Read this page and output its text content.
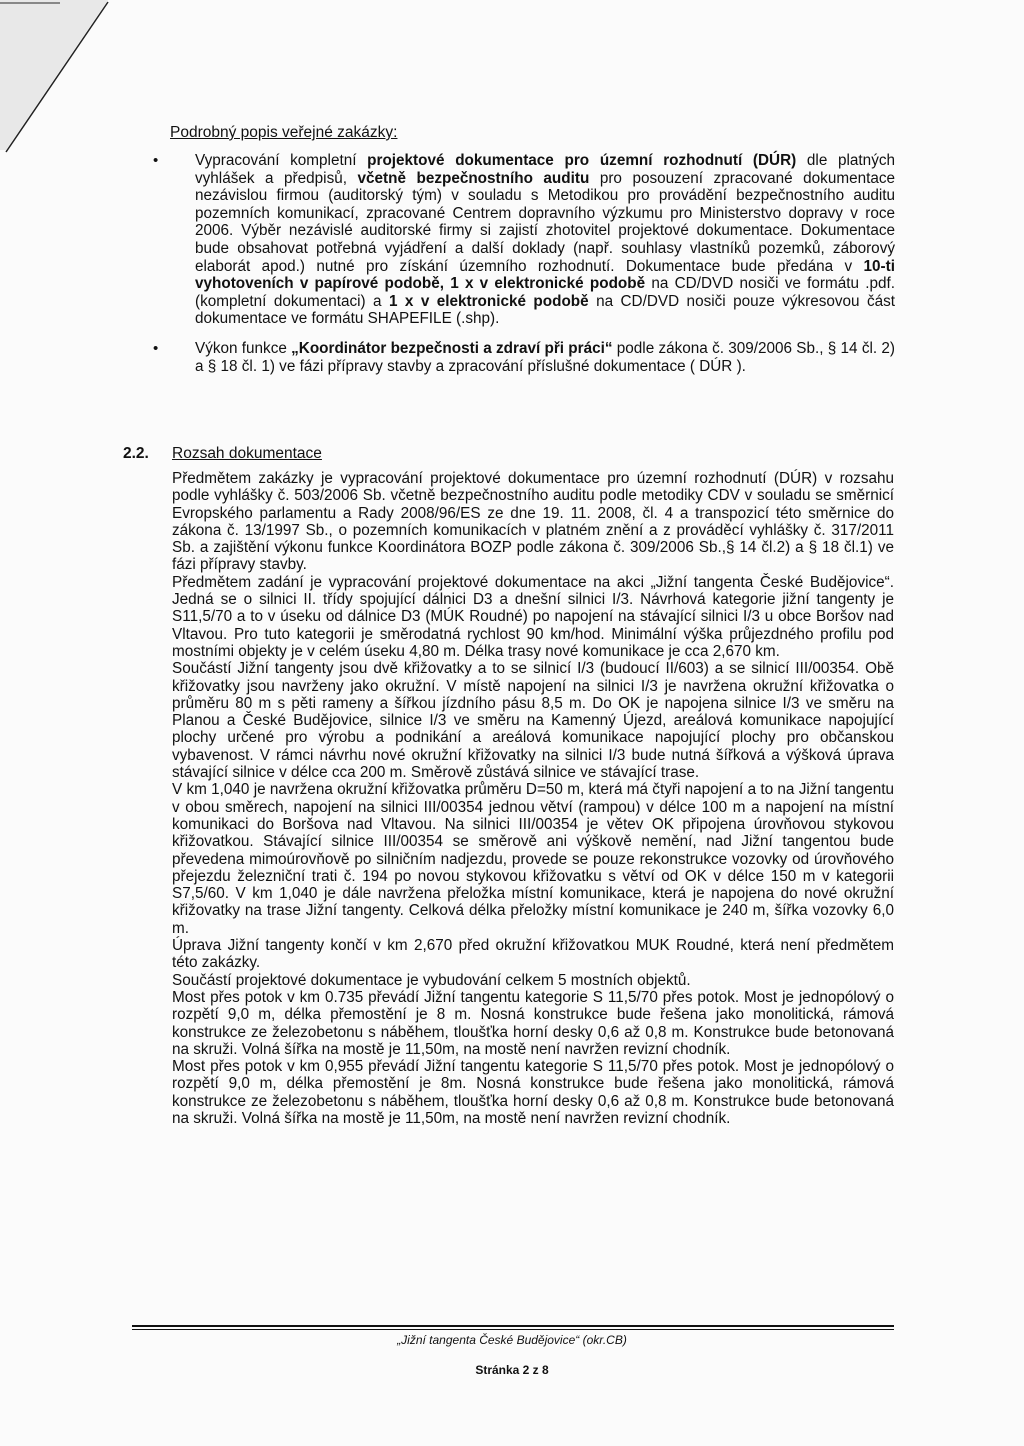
Podrobný popis veřejné zakázky:
• Vypracování kompletní projektové dokumentace pro územní rozhodnutí (DÚR) dle platných vyhlášek a předpisů, včetně bezpečnostního auditu pro posouzení zpracované dokumentace nezávislou firmou (auditorský tým) v souladu s Metodikou pro provádění bezpečnostního auditu pozemních komunikací, zpracované Centrem dopravního výzkumu pro Ministerstvo dopravy v roce 2006. Výběr nezávislé auditorské firmy si zajistí zhotovitel projektové dokumentace. Dokumentace bude obsahovat potřebná vyjádření a další doklady (např. souhlasy vlastníků pozemků, záborový elaborát apod.) nutné pro získání územního rozhodnutí. Dokumentace bude předána v 10-ti vyhotoveních v papírové podobě, 1 x v elektronické podobě na CD/DVD nosiči ve formátu .pdf. (kompletní dokumentaci) a 1 x v elektronické podobě na CD/DVD nosiči pouze výkresovou část dokumentace ve formátu SHAPEFILE (.shp).
• Výkon funkce „Koordinátor bezpečnosti a zdraví při práci“ podle zákona č. 309/2006 Sb., § 14 čl. 2) a § 18 čl. 1) ve fázi přípravy stavby a zpracování příslušné dokumentace ( DÚR ).
2.2. Rozsah dokumentace

Předmětem zakázky je vypracování projektové dokumentace pro územní rozhodnutí (DÚR) v rozsahu podle vyhlášky č. 503/2006 Sb. včetně bezpečnostního auditu podle metodiky CDV v souladu se směrnicí Evropského parlamentu a Rady 2008/96/ES ze dne 19. 11. 2008, čl. 4 a transpozicí této směrnice do zákona č. 13/1997 Sb., o pozemních komunikacích v platném znění a z prováděcí vyhlášky č. 317/2011 Sb. a zajištění výkonu funkce Koordinátora BOZP podle zákona č. 309/2006 Sb.,§ 14 čl.2) a § 18 čl.1) ve fázi přípravy stavby.

Předmětem zadání je vypracování projektové dokumentace na akci „Jižní tangenta České Budějovice“. Jedná se o silnici II. třídy spojující dálnici D3 a dnešní silnici I/3. Návrhová kategorie jižní tangenty je S11,5/70 a to v úseku od dálnice D3 (MÚK Roudné) po napojení na stávající silnici I/3 u obce Boršov nad Vltavou. Pro tuto kategorii je směrodatná rychlost 90 km/hod. Minimální výška průjezdného profilu pod mostními objekty je v celém úseku 4,80 m. Délka trasy nové komunikace je cca 2,670 km.

Součástí Jižní tangenty jsou dvě křižovatky a to se silnicí I/3 (budoucí II/603) a se silnicí III/00354. Obě křižovatky jsou navrženy jako okružní. V místě napojení na silnici I/3 je navržena okružní křižovatka o průměru 80 m s pěti rameny a šířkou jízdního pásu 8,5 m. Do OK je napojena silnice I/3 ve směru na Planou a České Budějovice, silnice I/3 ve směru na Kamenný Újezd, areálová komunikace napojující plochy určené pro výrobu a podnikání a areálová komunikace napojující plochy pro občanskou vybavenost. V rámci návrhu nové okružní křižovatky na silnici I/3 bude nutná šířková a výšková úprava stávající silnice v délce cca 200 m. Směrově zůstává silnice ve stávající trase.

V km 1,040 je navržena okružní křižovatka průměru D=50 m, která má čtyři napojení a to na Jižní tangentu v obou směrech, napojení na silnici III/00354 jednou větví (rampou) v délce 100 m a napojení na místní komunikaci do Boršova nad Vltavou. Na silnici III/00354 je větev OK připojena úrovňovou stykovou křižovatkou. Stávající silnice III/00354 se směrově ani výškově nemění, nad Jižní tangentou bude převedena mimoúrovňově po silničním nadjezdu, provede se pouze rekonstrukce vozovky od úrovňového přejezdu železniční trati č. 194 po novou stykovou křižovatku s větví od OK v délce 150 m v kategorii S7,5/60. V km 1,040 je dále navržena přeložka místní komunikace, která je napojena do nové okružní křižovatky na trase Jižní tangenty. Celková délka přeložky místní komunikace je 240 m, šířka vozovky 6,0 m.

Úprava Jižní tangenty končí v km 2,670 před okružní křižovatkou MUK Roudné, která není předmětem této zakázky.

Součástí projektové dokumentace je vybudování celkem 5 mostních objektů.

Most přes potok v km 0.735 převádí Jižní tangentu kategorie S 11,5/70 přes potok. Most je jednopólový o rozpětí 9,0 m, délka přemostění je 8 m. Nosná konstrukce bude řešena jako monolitická, rámová konstrukce ze železobetonu s náběhem, tloušťka horní desky 0,6 až 0,8 m. Konstrukce bude betonovaná na skruži. Volná šířka na mostě je 11,50m, na mostě není navržen revizní chodník.

Most přes potok v km 0,955 převádí Jižní tangentu kategorie S 11,5/70 přes potok. Most je jednopólový o rozpětí 9,0 m, délka přemostění je 8m. Nosná konstrukce bude řešena jako monolitická, rámová konstrukce ze železobetonu s náběhem, tloušťka horní desky 0,6 až 0,8 m. Konstrukce bude betonovaná na skruži. Volná šířka na mostě je 11,50m, na mostě není navržen revizní chodník.

„Jižní tangenta České Budějovice“ (okr.CB)
Stránka 2 z 8
